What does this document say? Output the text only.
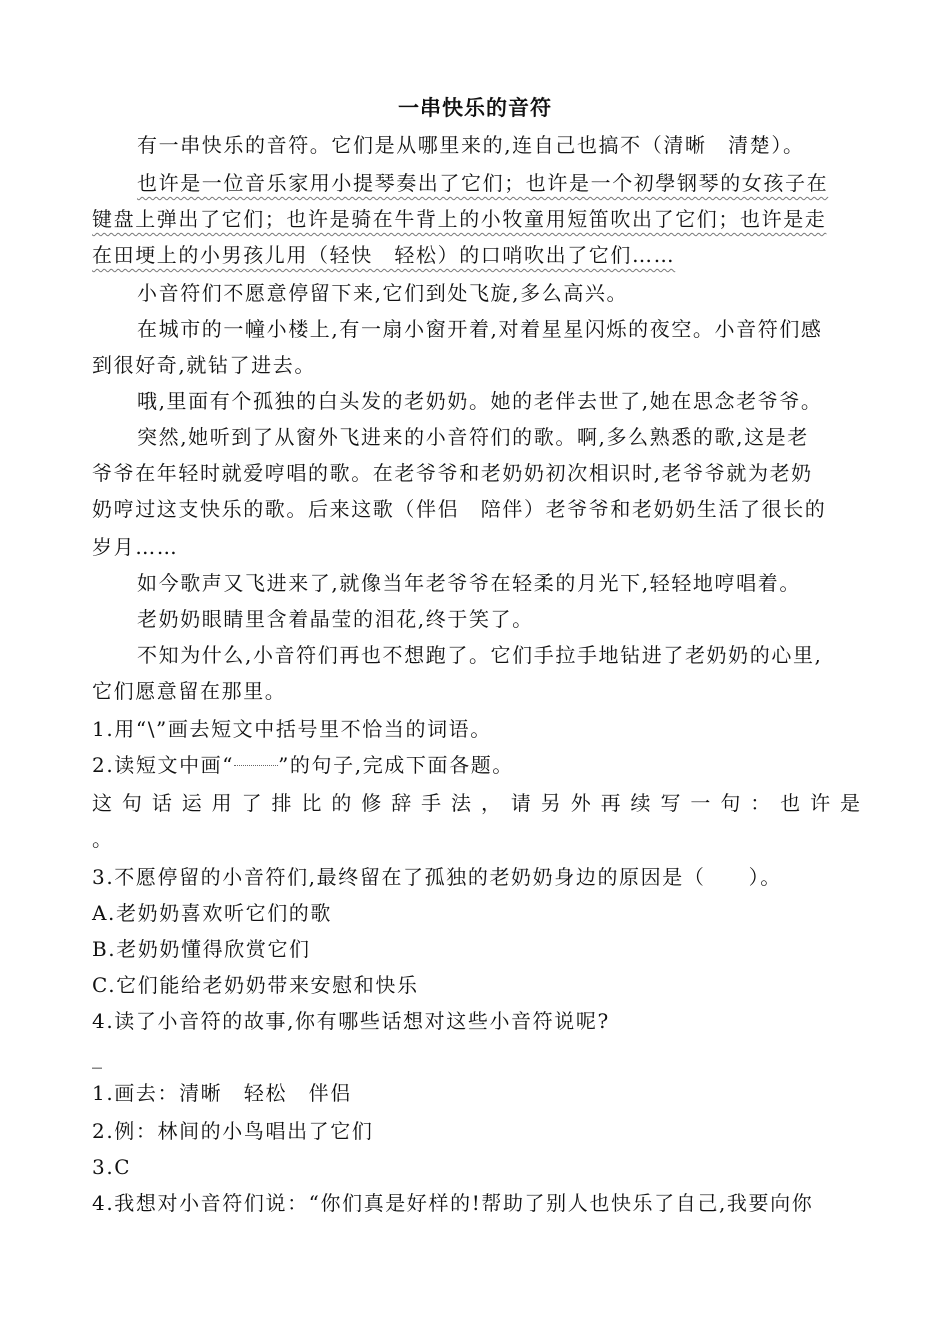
一串快乐的音符
有一串快乐的音符。它们是从哪里来的,连自己也搞不（清晰　清楚）。
也许是一位音乐家用小提琴奏出了它们；也许是一个初學钢琴的女孩子在
键盘上弹出了它们；也许是骑在牛背上的小牧童用短笛吹出了它们；也许是走
在田埂上的小男孩儿用（轻快　轻松）的口哨吹出了它们……
小音符们不愿意停留下来,它们到处飞旋,多么高兴。
在城市的一幢小楼上,有一扇小窗开着,对着星星闪烁的夜空。小音符们感
到很好奇,就钻了进去。
哦,里面有个孤独的白头发的老奶奶。她的老伴去世了,她在思念老爷爷。
突然,她听到了从窗外飞进来的小音符们的歌。啊,多么熟悉的歌,这是老
爷爷在年轻时就爱哼唱的歌。在老爷爷和老奶奶初次相识时,老爷爷就为老奶
奶哼过这支快乐的歌。后来这歌（伴侣　陪伴）老爷爷和老奶奶生活了很长的
岁月……
如今歌声又飞进来了,就像当年老爷爷在轻柔的月光下,轻轻地哼唱着。
老奶奶眼睛里含着晶莹的泪花,终于笑了。
不知为什么,小音符们再也不想跑了。它们手拉手地钻进了老奶奶的心里,
它们愿意留在那里。
1.用“\”画去短文中括号里不恰当的词语。
2.读短文中画“ ”的句子,完成下面各题。
这句话运用了排比的修辞手法，请另外再续写一句：也许是
。
3.不愿停留的小音符们,最终留在了孤独的老奶奶身边的原因是（　　）。
A.老奶奶喜欢听它们的歌
B.老奶奶懂得欣赏它们
C.它们能给老奶奶带来安慰和快乐
4.读了小音符的故事,你有哪些话想对这些小音符说呢?
_
1.画去：清晰　轻松　伴侣
2.例：林间的小鸟唱出了它们
3.C
4.我想对小音符们说：“你们真是好样的!帮助了别人也快乐了自己,我要向你
